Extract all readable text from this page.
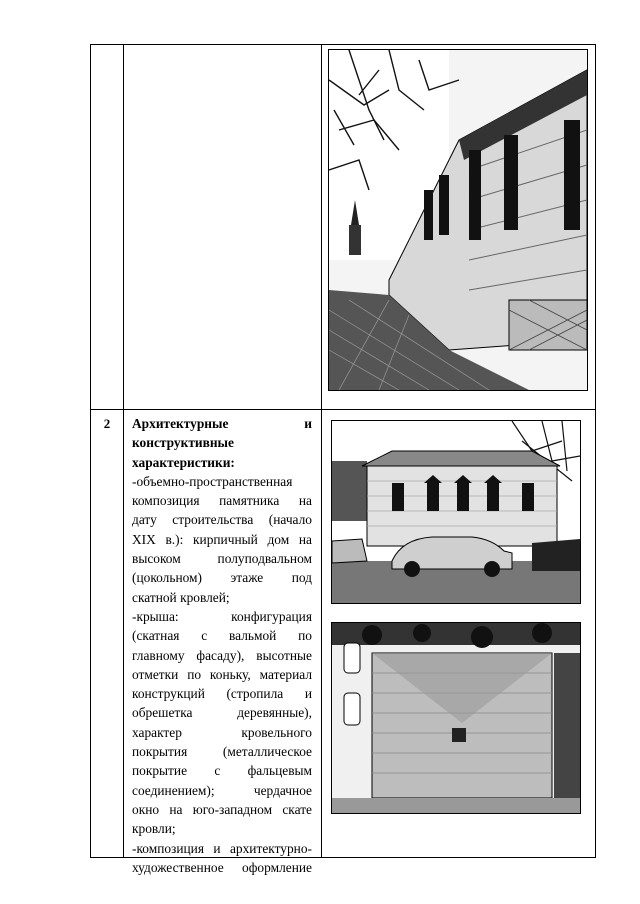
2	Архитектурные и
конструктивные
характеристики:
-объемно-пространственная
композиция памятника на
дату строительства (начало
XIX в.): кирпичный дом на
высоком полуподвальном
(цокольном) этаже под
скатной кровлей;
-крыша: конфигурация
(скатная с вальмой по
главному фасаду), высотные
отметки по коньку, материал
конструкций (стропила и
обрешетка деревянные),
характер кровельного
покрытия (металлическое
покрытие с фальцевым
соединением); чердачное
окно на юго-западном скате
кровли;
-композиция и архитектурно-
художественное оформление
